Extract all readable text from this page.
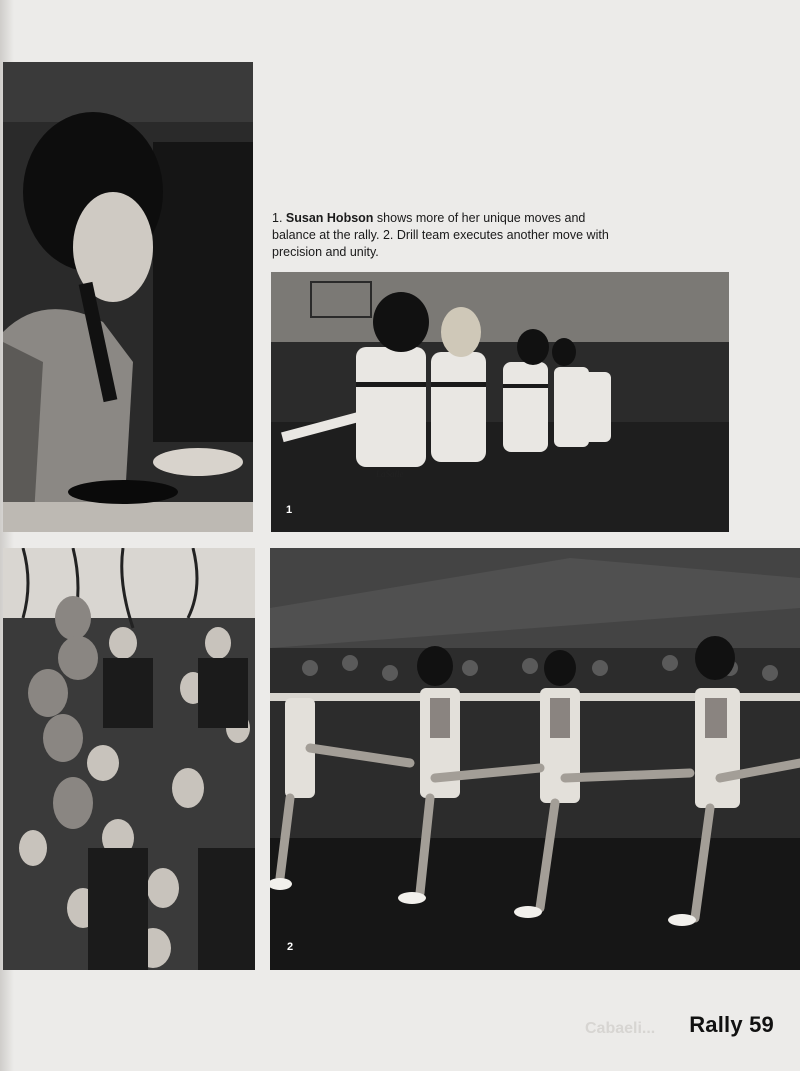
1. Susan Hobson shows more of her unique moves and balance at the rally. 2. Drill team executes another move with precision and unity.
LaSalle
1
2
Cabaeli... Rally 59
